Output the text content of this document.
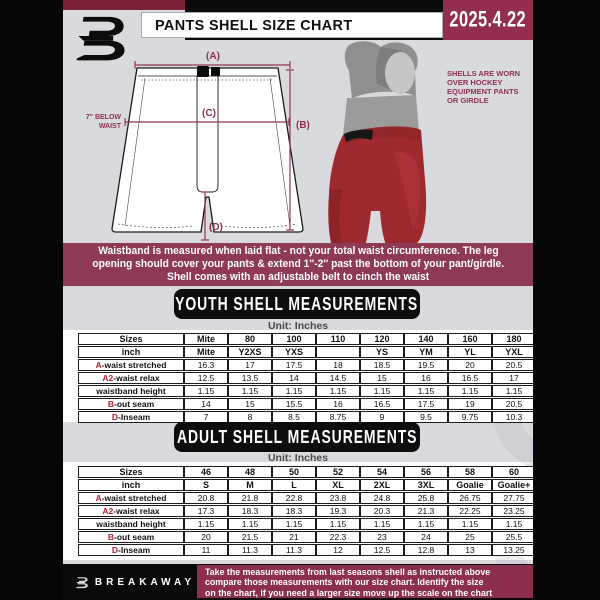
PANTS SHELL SIZE CHART	2025.4.22
(A)
(B)
(C)
(D)
7" BELOW
WAIST
SHELLS ARE WORN OVER HOCKEY EQUIPMENT PANTS OR GIRDLE
Waistband is measured when laid flat - not your total waist circumference. The leg
opening should cover your pants & extend 1''-2'' past the bottom of your pant/girdle.
Shell comes with an adjustable belt to cinch the waist
YOUTH SHELL MEASUREMENTS
Unit: Inches
Sizes	Mite	80	100	110	120	140	160	180
inch	Mite	Y2XS	YXS		YS	YM	YL	YXL
A-waist stretched	16.3	17	17.5	18	18.5	19.5	20	20.5
A2-waist relax	12.5	13.5	14	14.5	15	16	16.5	17
waistband height	1.15	1.15	1.15	1.15	1.15	1.15	1.15	1.15
B-out seam	14	15	15.5	16	16.5	17.5	19	20.5
D-Inseam	7	8	8.5	8.75	9	9.5	9.75	10.3
ADULT SHELL MEASUREMENTS
Unit: Inches
Sizes	46	48	50	52	54	56	58	60
inch	S	M	L	XL	2XL	3XL	Goalie	Goalie+
A-waist stretched	20.8	21.8	22.8	23.8	24.8	25.8	26.75	27.75
A2-waist relax	17.3	18.3	18.3	19.3	20.3	21.3	22.25	23.25
waistband height	1.15	1.15	1.15	1.15	1.15	1.15	1.15	1.15
B-out seam	20	21.5	21	22.3	23	24	25	25.5
D-Inseam	11	11.3	11.3	12	12.5	12.8	13	13.25
BREAKAWAY
Take the measurements from last seasons shell as instructed above
compare those measurements with our size chart. Identify the size
on the chart, if you need a larger size move up the scale on the chart
